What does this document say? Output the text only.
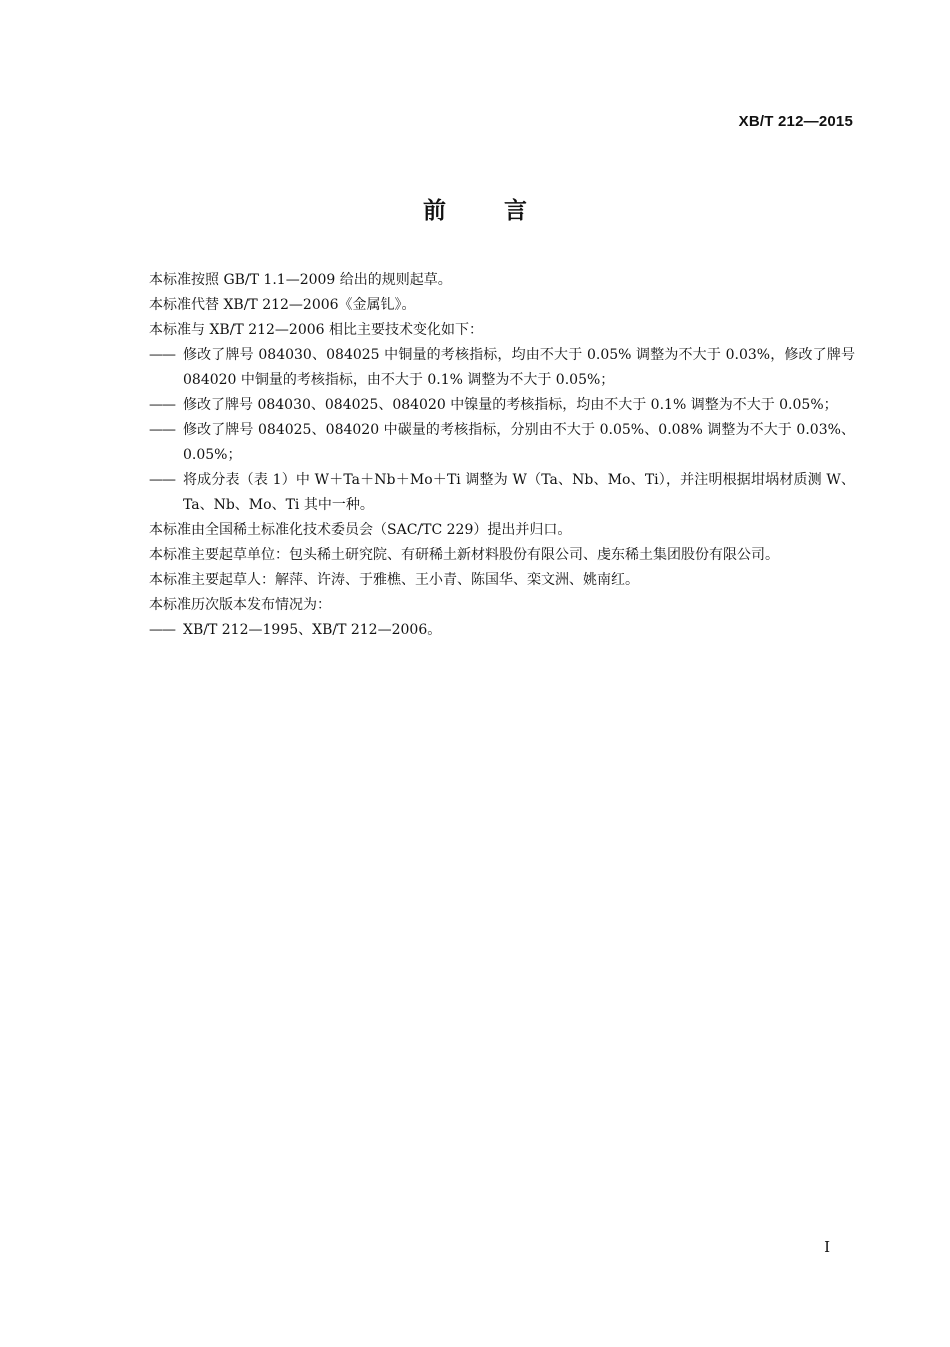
XB/T 212—2015
前言

本标准按照 GB/T 1.1—2009 给出的规则起草。

本标准代替 XB/T 212—2006《金属钆》。

本标准与 XB/T 212—2006 相比主要技术变化如下：

—— 修改了牌号 084030、084025 中铜量的考核指标，均由不大于 0.05% 调整为不大于 0.03%，修改了牌号 084020 中铜量的考核指标，由不大于 0.1% 调整为不大于 0.05%；
—— 修改了牌号 084030、084025、084020 中镍量的考核指标，均由不大于 0.1% 调整为不大于 0.05%；
—— 修改了牌号 084025、084020 中碳量的考核指标，分别由不大于 0.05%、0.08% 调整为不大于 0.03%、0.05%；
—— 将成分表（表 1）中 W＋Ta＋Nb＋Mo＋Ti 调整为 W（Ta、Nb、Mo、Ti），并注明根据坩埚材质测 W、Ta、Nb、Mo、Ti 其中一种。

本标准由全国稀土标准化技术委员会（SAC/TC 229）提出并归口。

本标准主要起草单位：包头稀土研究院、有研稀土新材料股份有限公司、虔东稀土集团股份有限公司。

本标准主要起草人：解萍、许涛、于雅樵、王小青、陈国华、栾文洲、姚南红。

本标准历次版本发布情况为：

—— XB/T 212—1995、XB/T 212—2006。
I
